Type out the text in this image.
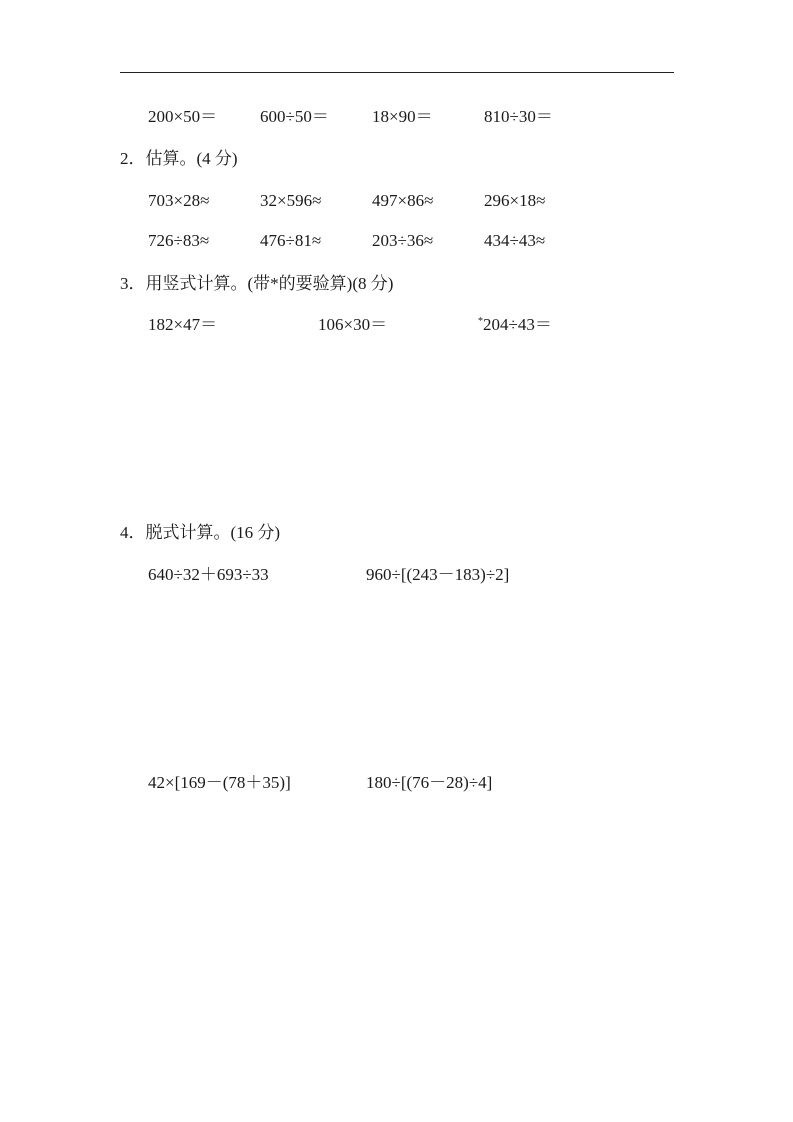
200×50＝	600÷50＝	18×90＝	810÷30＝
2．估算。(4 分)
703×28≈	32×596≈	497×86≈	296×18≈
726÷83≈	476÷81≈	203÷36≈	434÷43≈
3．用竖式计算。(带*的要验算)(8 分)
182×47＝	106×30＝	*204÷43＝
4．脱式计算。(16 分)
640÷32＋693÷33	960÷[(243－183)÷2]
42×[169－(78＋35)]	180÷[(76－28)÷4]
